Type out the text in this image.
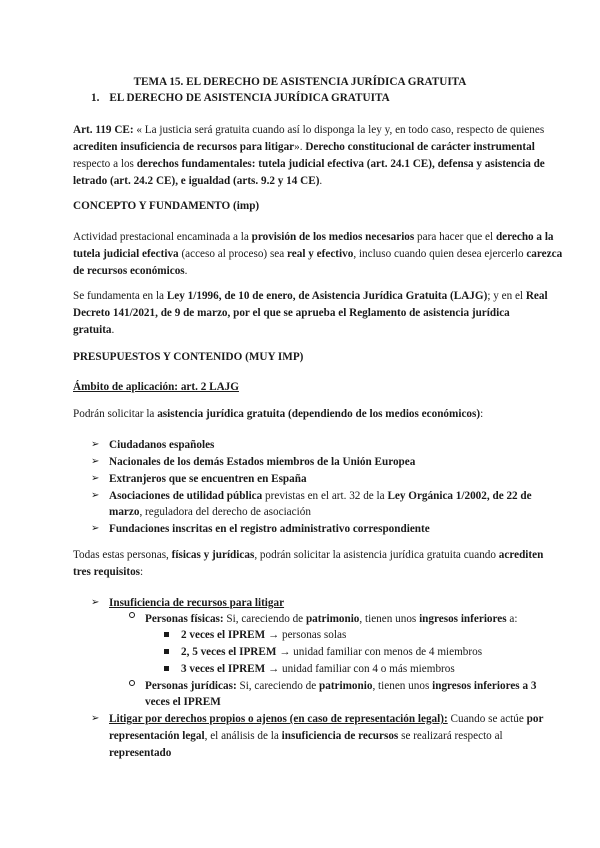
TEMA 15. EL DERECHO DE ASISTENCIA JURÍDICA GRATUITA
1. EL DERECHO DE ASISTENCIA JURÍDICA GRATUITA
Art. 119 CE: « La justicia será gratuita cuando así lo disponga la ley y, en todo caso, respecto de quienes
acrediten insuficiencia de recursos para litigar». Derecho constitucional de carácter instrumental
respecto a los derechos fundamentales: tutela judicial efectiva (art. 24.1 CE), defensa y asistencia de
letrado (art. 24.2 CE), e igualdad (arts. 9.2 y 14 CE).
CONCEPTO Y FUNDAMENTO (imp)
Actividad prestacional encaminada a la provisión de los medios necesarios para hacer que el derecho a la
tutela judicial efectiva (acceso al proceso) sea real y efectivo, incluso cuando quien desea ejercerlo carezca
de recursos económicos.
Se fundamenta en la Ley 1/1996, de 10 de enero, de Asistencia Jurídica Gratuita (LAJG); y en el Real
Decreto 141/2021, de 9 de marzo, por el que se aprueba el Reglamento de asistencia jurídica
gratuita.
PRESUPUESTOS Y CONTENIDO (MUY IMP)
Ámbito de aplicación: art. 2 LAJG
Podrán solicitar la asistencia jurídica gratuita (dependiendo de los medios económicos):
➢ Ciudadanos españoles
➢ Nacionales de los demás Estados miembros de la Unión Europea
➢ Extranjeros que se encuentren en España
➢ Asociaciones de utilidad pública previstas en el art. 32 de la Ley Orgánica 1/2002, de 22 de
marzo, reguladora del derecho de asociación
➢ Fundaciones inscritas en el registro administrativo correspondiente
Todas estas personas, físicas y jurídicas, podrán solicitar la asistencia jurídica gratuita cuando acrediten
tres requisitos:
➢ Insuficiencia de recursos para litigar
Personas físicas: Si, careciendo de patrimonio, tienen unos ingresos inferiores a:
2 veces el IPREM → personas solas
2, 5 veces el IPREM → unidad familiar con menos de 4 miembros
3 veces el IPREM → unidad familiar con 4 o más miembros
Personas jurídicas: Si, careciendo de patrimonio, tienen unos ingresos inferiores a 3
veces el IPREM
➢ Litigar por derechos propios o ajenos (en caso de representación legal): Cuando se actúe por
representación legal, el análisis de la insuficiencia de recursos se realizará respecto al
representado
